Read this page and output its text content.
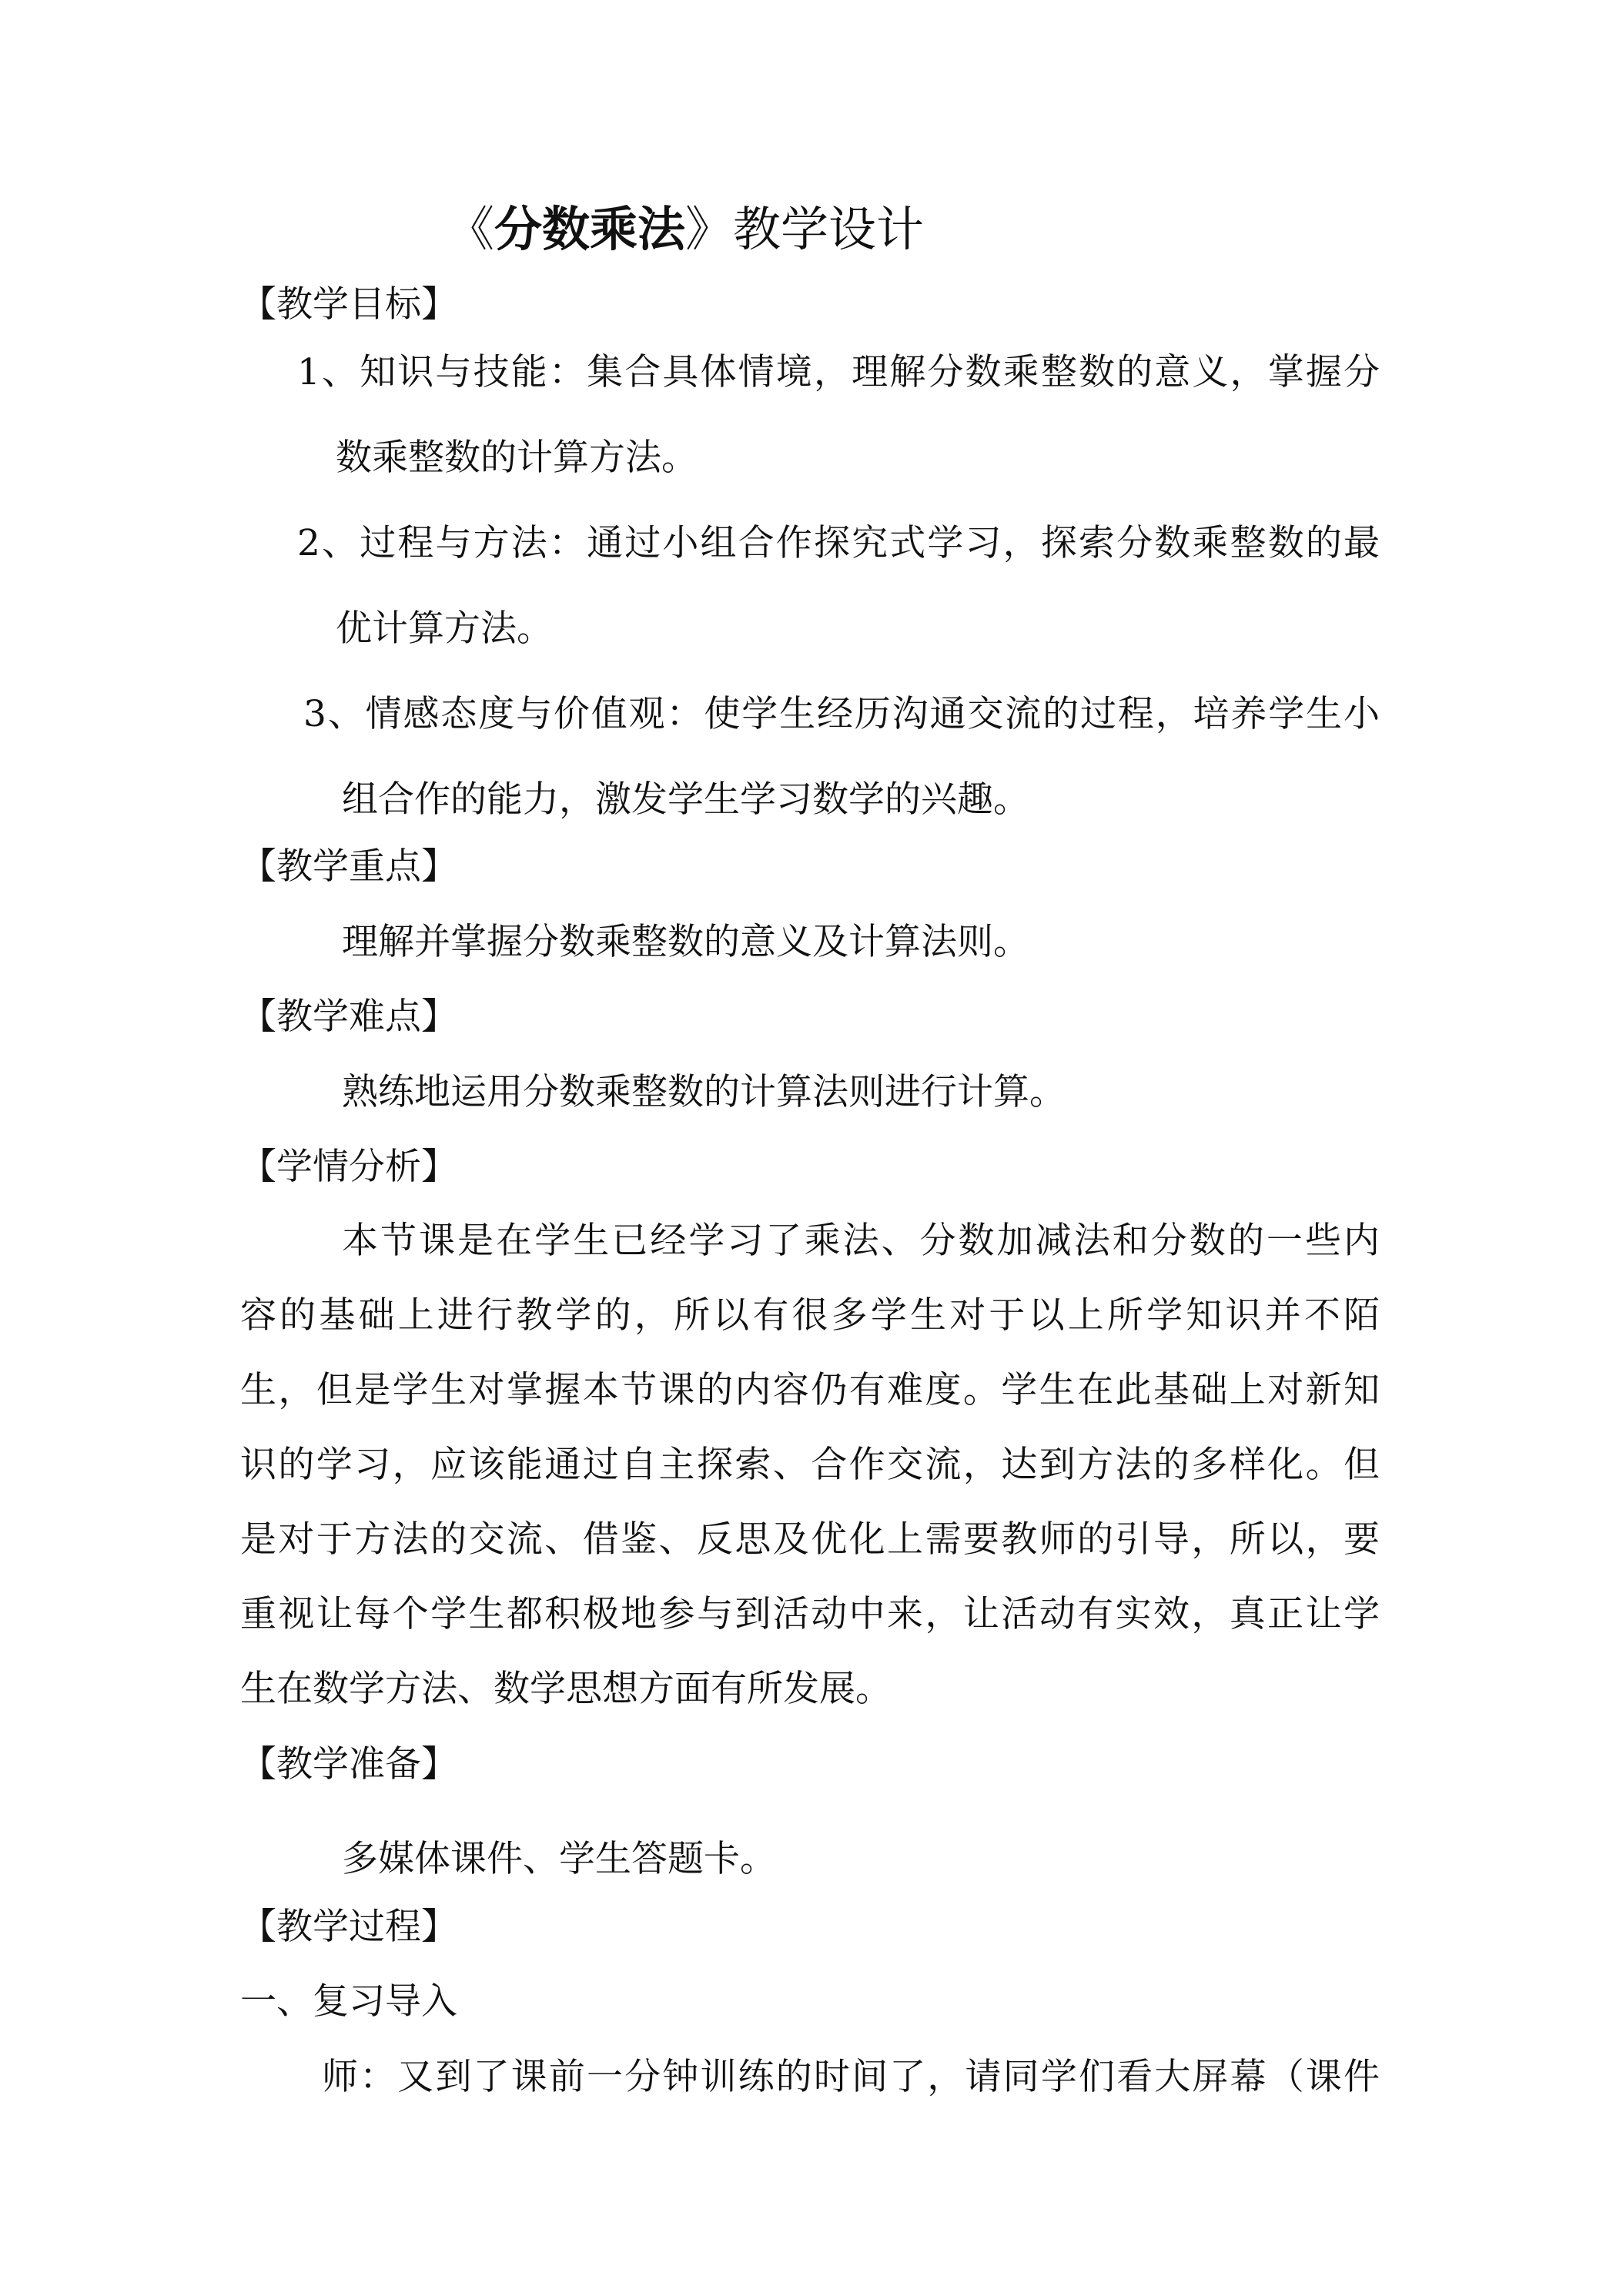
《分数乘法》教学设计
【教学目标】
1、知识与技能：集合具体情境，理解分数乘整数的意义，掌握分
数乘整数的计算方法。
2、过程与方法：通过小组合作探究式学习，探索分数乘整数的最
优计算方法。
3、情感态度与价值观：使学生经历沟通交流的过程，培养学生小
组合作的能力，激发学生学习数学的兴趣。
【教学重点】
理解并掌握分数乘整数的意义及计算法则。
【教学难点】
熟练地运用分数乘整数的计算法则进行计算。
【学情分析】
本节课是在学生已经学习了乘法、分数加减法和分数的一些内
容的基础上进行教学的，所以有很多学生对于以上所学知识并不陌
生，但是学生对掌握本节课的内容仍有难度。学生在此基础上对新知
识的学习，应该能通过自主探索、合作交流，达到方法的多样化。但
是对于方法的交流、借鉴、反思及优化上需要教师的引导，所以，要
重视让每个学生都积极地参与到活动中来，让活动有实效，真正让学
生在数学方法、数学思想方面有所发展。
【教学准备】
多媒体课件、学生答题卡。
【教学过程】
一、复习导入
师：又到了课前一分钟训练的时间了，请同学们看大屏幕（课件
